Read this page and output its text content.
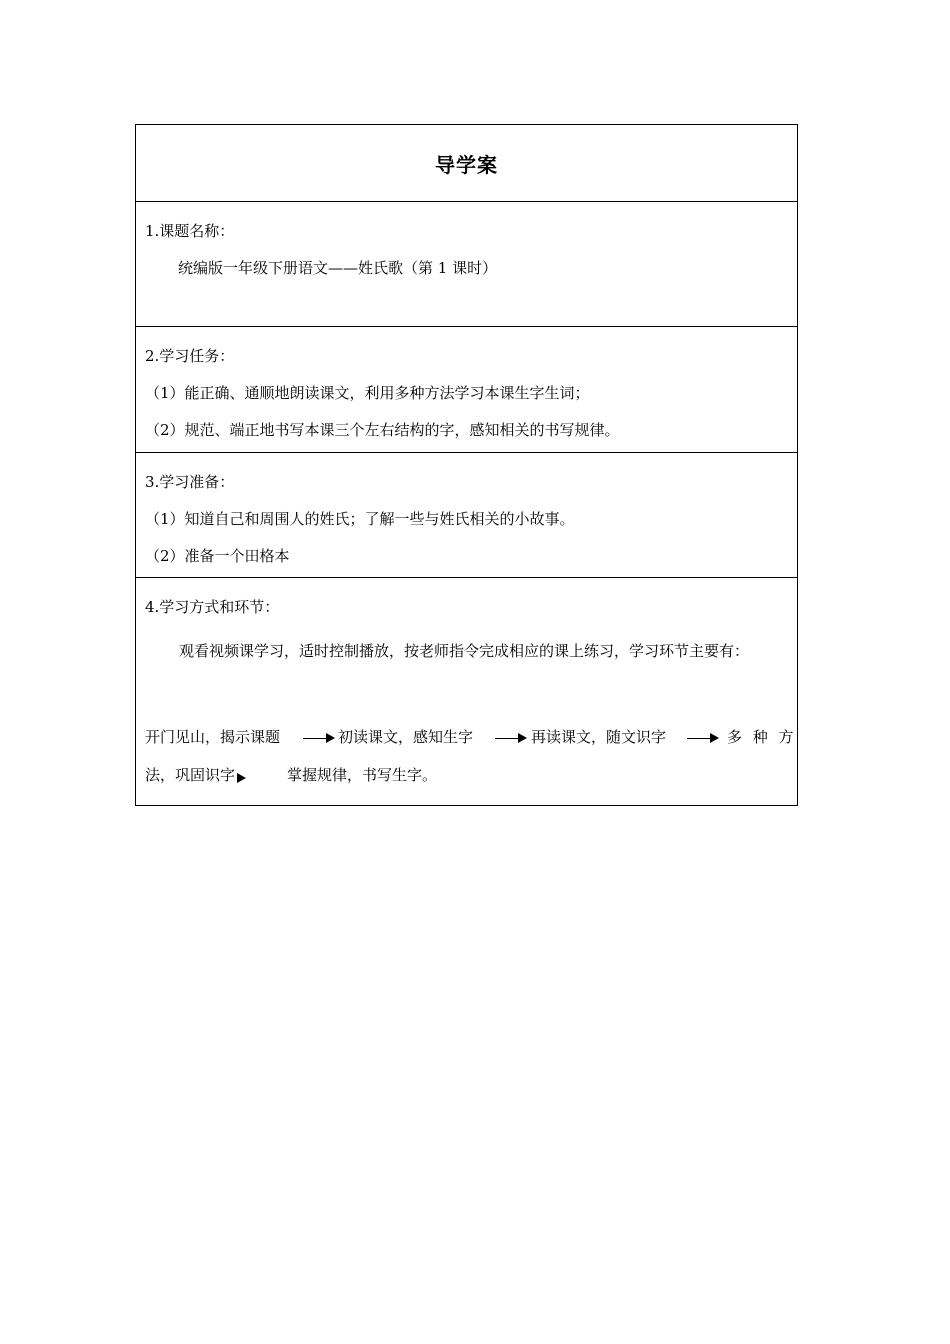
导学案
1.课题名称：
统编版一年级下册语文——姓氏歌（第 1 课时）
2.学习任务：
（1）能正确、通顺地朗读课文，利用多种方法学习本课生字生词；
（2）规范、端正地书写本课三个左右结构的字，感知相关的书写规律。
3.学习准备：
（1）知道自己和周围人的姓氏；了解一些与姓氏相关的小故事。
（2）准备一个田格本
4.学习方式和环节：
观看视频课学习，适时控制播放，按老师指令完成相应的课上练习，学习环节主要有：
开门见山，揭示课题	初读课文，感知生字	再读课文，随文识字	多 种 方
法，巩固识字	掌握规律，书写生字。
